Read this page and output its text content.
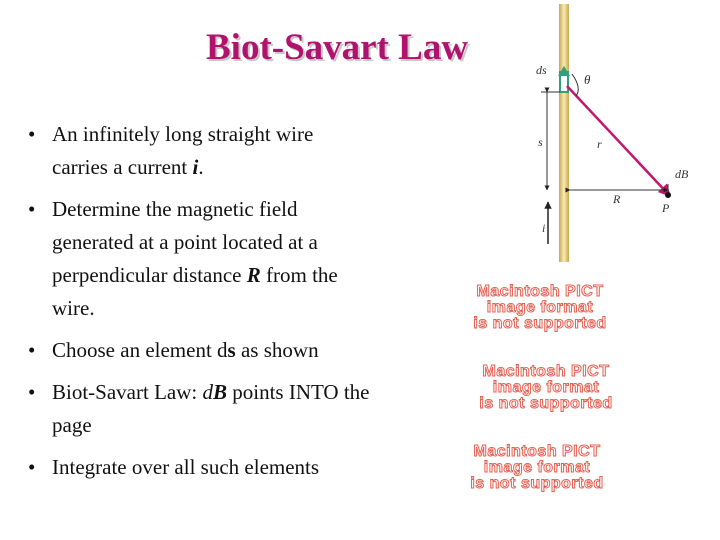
Biot-Savart Law
• An infinitely long straight wire carries a current i.
• Determine the magnetic field generated at a point located at a perpendicular distance R from the wire.
• Choose an element ds as shown
• Biot-Savart Law: dB points INTO the page
• Integrate over all such elements
ds
θ
s	r
R
dB
P
i
Macintosh PICT
image format
is not supported
Macintosh PICT
image format
is not supported
Macintosh PICT
image format
is not supported
